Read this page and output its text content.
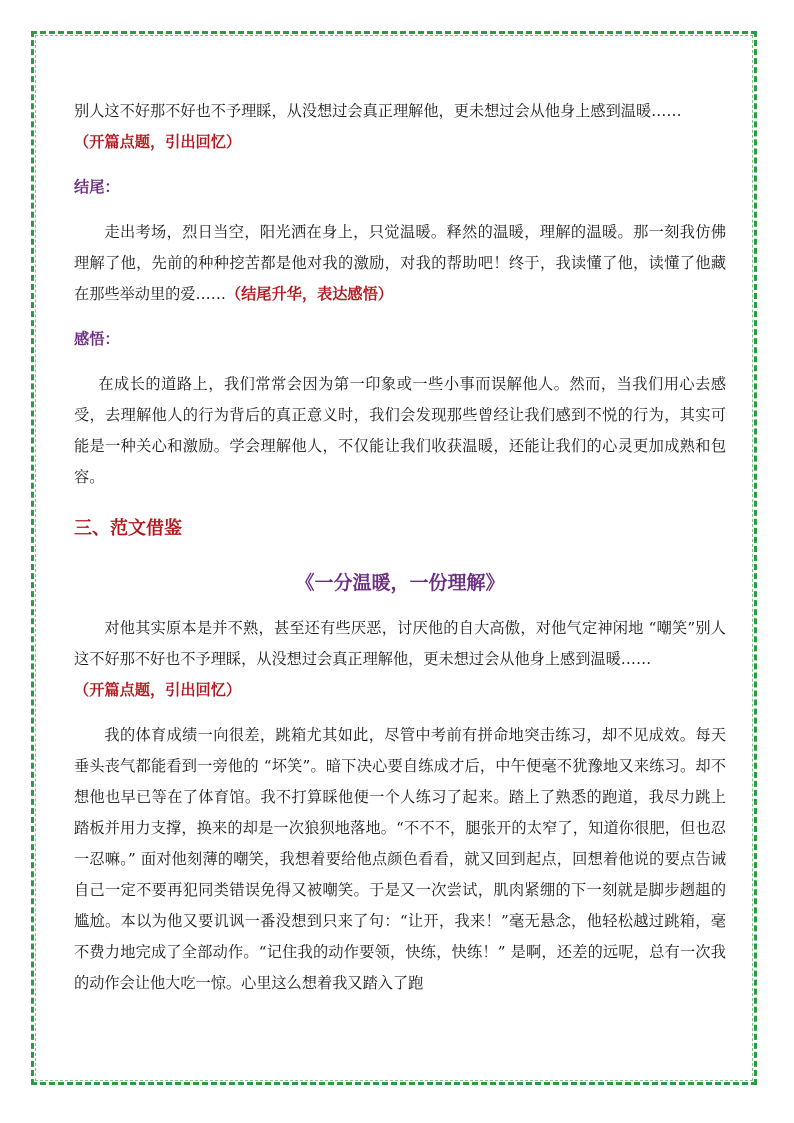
别人这不好那不好也不予理睬，从没想过会真正理解他，更未想过会从他身上感到温暖……
（开篇点题，引出回忆）

结尾：

走出考场，烈日当空，阳光洒在身上，只觉温暖。释然的温暖，理解的温暖。那一刻我仿佛理解了他，先前的种种挖苦都是他对我的激励，对我的帮助吧！终于，我读懂了他，读懂了他藏在那些举动里的爱……（结尾升华，表达感悟）

感悟：

在成长的道路上，我们常常会因为第一印象或一些小事而误解他人。然而，当我们用心去感受，去理解他人的行为背后的真正意义时，我们会发现那些曾经让我们感到不悦的行为，其实可能是一种关心和激励。学会理解他人，不仅能让我们收获温暖，还能让我们的心灵更加成熟和包容。

三、范文借鉴

《一分温暖，一份理解》

对他其实原本是并不熟，甚至还有些厌恶，讨厌他的自大高傲，对他气定神闲地 “嘲笑”别人这不好那不好也不予理睬，从没想过会真正理解他，更未想过会从他身上感到温暖……
（开篇点题，引出回忆）

我的体育成绩一向很差，跳箱尤其如此，尽管中考前有拼命地突击练习，却不见成效。每天垂头丧气都能看到一旁他的 “坏笑”。暗下决心要自练成才后，中午便毫不犹豫地又来练习。却不想他也早已等在了体育馆。我不打算睬他便一个人练习了起来。踏上了熟悉的跑道，我尽力跳上踏板并用力支撑，换来的却是一次狼狈地落地。“不不不，腿张开的太窄了，知道你很肥，但也忍一忍嘛。” 面对他刻薄的嘲笑，我想着要给他点颜色看看，就又回到起点，回想着他说的要点告诫自己一定不要再犯同类错误免得又被嘲笑。于是又一次尝试，肌肉紧绷的下一刻就是脚步趔趄的尴尬。本以为他又要讥讽一番没想到只来了句：“让开，我来！”毫无悬念，他轻松越过跳箱，毫不费力地完成了全部动作。“记住我的动作要领，快练，快练！” 是啊，还差的远呢，总有一次我的动作会让他大吃一惊。心里这么想着我又踏入了跑
